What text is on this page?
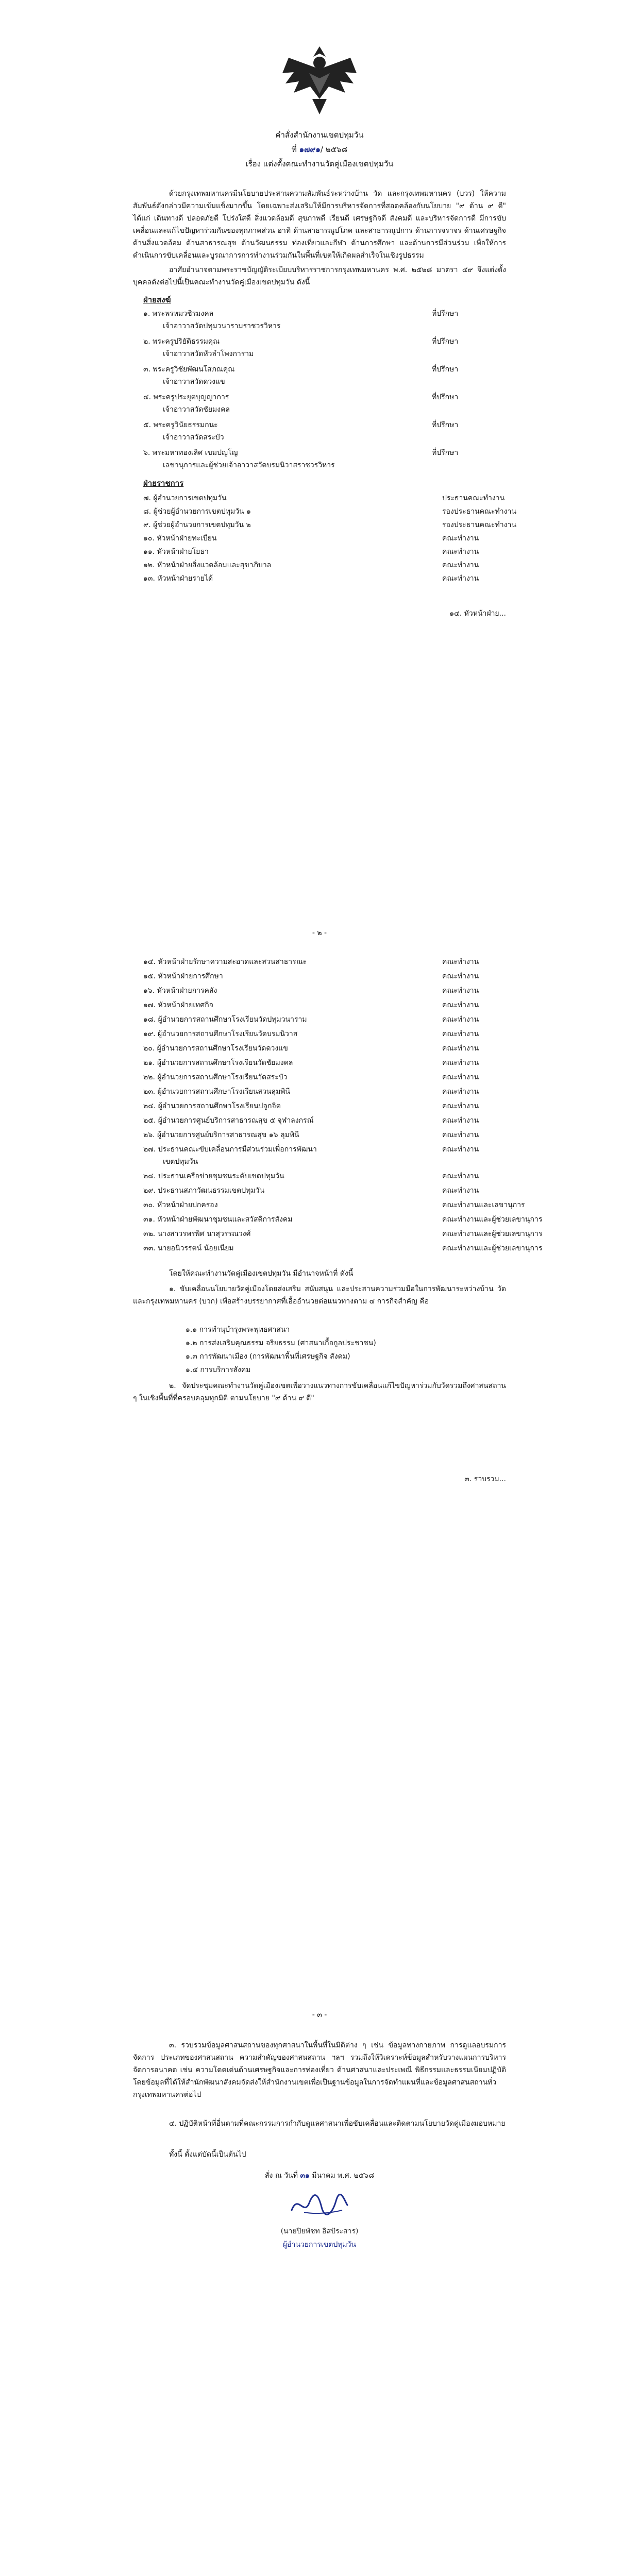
คำสั่งสำนักงานเขตปทุมวัน
ที่ ๑๗๙๑/ ๒๕๖๘
เรื่อง แต่งตั้งคณะทำงานวัดคู่เมืองเขตปทุมวัน
ด้วยกรุงเทพมหานครมีนโยบายประสานความสัมพันธ์ระหว่างบ้าน วัด และกรุงเทพมหานคร (บวร) ให้ความสัมพันธ์ดังกล่าวมีความเข้มแข็งมากขึ้น โดยเฉพาะส่งเสริมให้มีการบริหารจัดการที่สอดคล้องกับนโยบาย "๙ ด้าน ๙ ดี" ได้แก่ เดินทางดี ปลอดภัยดี โปร่งใสดี สิ่งแวดล้อมดี สุขภาพดี เรียนดี เศรษฐกิจดี สังคมดี และบริหารจัดการดี มีการขับเคลื่อนและแก้ไขปัญหาร่วมกันของทุกภาคส่วน อาทิ ด้านสาธารณูปโภค และสาธารณูปการ ด้านการจราจร ด้านเศรษฐกิจ ด้านสิ่งแวดล้อม ด้านสาธารณสุข ด้านวัฒนธรรม ท่องเที่ยวและกีฬา ด้านการศึกษา และด้านการมีส่วนร่วม เพื่อให้การดำเนินการขับเคลื่อนและบูรณาการการทำงานร่วมกันในพื้นที่เขตให้เกิดผลสำเร็จในเชิงรูปธรรม
อาศัยอำนาจตามพระราชบัญญัติระเบียบบริหารราชการกรุงเทพมหานคร พ.ศ. ๒๕๒๘ มาตรา ๔๙ จึงแต่งตั้งบุคคลดังต่อไปนี้เป็นคณะทำงานวัดคู่เมืองเขตปทุมวัน ดังนี้
ฝ่ายสงฆ์
๑. พระพรหมวชิรมงคล	ที่ปรึกษา
เจ้าอาวาสวัดปทุมวนารามราชวรวิหาร
๒. พระครูปริยัติธรรมคุณ	ที่ปรึกษา
เจ้าอาวาสวัดหัวลำโพงการาม
๓. พระครูวิชัยพัฒนโสภณคุณ	ที่ปรึกษา
เจ้าอาวาสวัดดวงแข
๔. พระครูประยุตบุญญาการ	ที่ปรึกษา
เจ้าอาวาสวัดชัยมงคล
๕. พระครูวินัยธรรมกนะ	ที่ปรึกษา
เจ้าอาวาสวัดสระบัว
๖. พระมหาทองเลิศ เขมปญโญ	ที่ปรึกษา
เลขานุการและผู้ช่วยเจ้าอาวาสวัดบรมนิวาสราชวรวิหาร
ฝ่ายราชการ
๗. ผู้อำนวยการเขตปทุมวัน	ประธานคณะทำงาน
๘. ผู้ช่วยผู้อำนวยการเขตปทุมวัน ๑	รองประธานคณะทำงาน
๙. ผู้ช่วยผู้อำนวยการเขตปทุมวัน ๒	รองประธานคณะทำงาน
๑๐. หัวหน้าฝ่ายทะเบียน	คณะทำงาน
๑๑. หัวหน้าฝ่ายโยธา	คณะทำงาน
๑๒. หัวหน้าฝ่ายสิ่งแวดล้อมและสุขาภิบาล	คณะทำงาน
๑๓. หัวหน้าฝ่ายรายได้	คณะทำงาน
๑๔. หัวหน้าฝ่าย...
- ๒ -
๑๔. หัวหน้าฝ่ายรักษาความสะอาดและสวนสาธารณะ	คณะทำงาน
๑๕. หัวหน้าฝ่ายการศึกษา	คณะทำงาน
๑๖. หัวหน้าฝ่ายการคลัง	คณะทำงาน
๑๗. หัวหน้าฝ่ายเทศกิจ	คณะทำงาน
๑๘. ผู้อำนวยการสถานศึกษาโรงเรียนวัดปทุมวนาราม	คณะทำงาน
๑๙. ผู้อำนวยการสถานศึกษาโรงเรียนวัดบรมนิวาส	คณะทำงาน
๒๐. ผู้อำนวยการสถานศึกษาโรงเรียนวัดดวงแข	คณะทำงาน
๒๑. ผู้อำนวยการสถานศึกษาโรงเรียนวัดชัยมงคล	คณะทำงาน
๒๒. ผู้อำนวยการสถานศึกษาโรงเรียนวัดสระบัว	คณะทำงาน
๒๓. ผู้อำนวยการสถานศึกษาโรงเรียนสวนลุมพินี	คณะทำงาน
๒๔. ผู้อำนวยการสถานศึกษาโรงเรียนปลูกจิต	คณะทำงาน
๒๕. ผู้อำนวยการศูนย์บริการสาธารณสุข ๕ จุฬาลงกรณ์	คณะทำงาน
๒๖. ผู้อำนวยการศูนย์บริการสาธารณสุข ๑๖ ลุมพินี	คณะทำงาน
๒๗. ประธานคณะขับเคลื่อนการมีส่วนร่วมเพื่อการพัฒนา	คณะทำงาน
เขตปทุมวัน
๒๘. ประธานเครือข่ายชุมชนระดับเขตปทุมวัน	คณะทำงาน
๒๙. ประธานสภาวัฒนธรรมเขตปทุมวัน	คณะทำงาน
๓๐. หัวหน้าฝ่ายปกครอง	คณะทำงานและเลขานุการ
๓๑. หัวหน้าฝ่ายพัฒนาชุมชนและสวัสดิการสังคม	คณะทำงานและผู้ช่วยเลขานุการ
๓๒. นางสาวรพรพิศ นาสุวรรณวงศ์	คณะทำงานและผู้ช่วยเลขานุการ
๓๓. นายอนิวรรตน์ น้อยเนียม	คณะทำงานและผู้ช่วยเลขานุการ
โดยให้คณะทำงานวัดคู่เมืองเขตปทุมวัน มีอำนาจหน้าที่ ดังนี้
๑. ขับเคลื่อนนโยบายวัดคู่เมืองโดยส่งเสริม สนับสนุน และประสานความร่วมมือในการพัฒนาระหว่างบ้าน วัดและกรุงเทพมหานคร (บวก) เพื่อสร้างบรรยากาศที่เอื้ออำนวยต่อแนวทางตาม ๔ การกิจสำคัญ คือ
๑.๑ การทำนุบำรุงพระพุทธศาสนา
๑.๒ การส่งเสริมคุณธรรม จริยธรรม (ศาสนาเกื้อกูลประชาชน)
๑.๓ การพัฒนาเมือง (การพัฒนาพื้นที่เศรษฐกิจ สังคม)
๑.๔ การบริการสังคม
๒. จัดประชุมคณะทำงานวัดคู่เมืองเขตเพื่อวางแนวทางการขับเคลื่อนแก้ไขปัญหาร่วมกับวัดรวมถึงศาสนสถาน ๆ ในเชิงพื้นที่ที่ครอบคลุมทุกมิติ ตามนโยบาย "๙ ด้าน ๙ ดี"
๓. รวบรวม...
- ๓ -
๓. รวบรวมข้อมูลศาสนสถานของทุกศาสนาในพื้นที่ในมิติต่าง ๆ เช่น ข้อมูลทางกายภาพ การดูแลอบรมการจัดการ ประเภทของศาสนสถาน ความสำคัญของศาสนสถาน ฯลฯ รวมถึงให้วิเคราะห์ข้อมูลสำหรับวางแผนการบริหารจัดการอนาคต เช่น ความโดดเด่นด้านเศรษฐกิจและการท่องเที่ยว ด้านศาสนาและประเพณี พิธีกรรมและธรรมเนียมปฏิบัติ โดยข้อมูลที่ได้ให้สำนักพัฒนาสังคมจัดส่งให้สำนักงานเขตเพื่อเป็นฐานข้อมูลในการจัดทำแผนที่และข้อมูลศาสนสถานทั่วกรุงเทพมหานครต่อไป
๔. ปฏิบัติหน้าที่อื่นตามที่คณะกรรมการกำกับดูแลศาสนาเพื่อขับเคลื่อนและติดตามนโยบายวัดคู่เมืองมอบหมาย
ทั้งนี้ ตั้งแต่บัดนี้เป็นต้นไป
สั่ง ณ วันที่ ๓๑ มีนาคม พ.ศ. ๒๕๖๘
(นายปิยพัชท อิสปัระสาร)
ผู้อำนวยการเขตปทุมวัน
